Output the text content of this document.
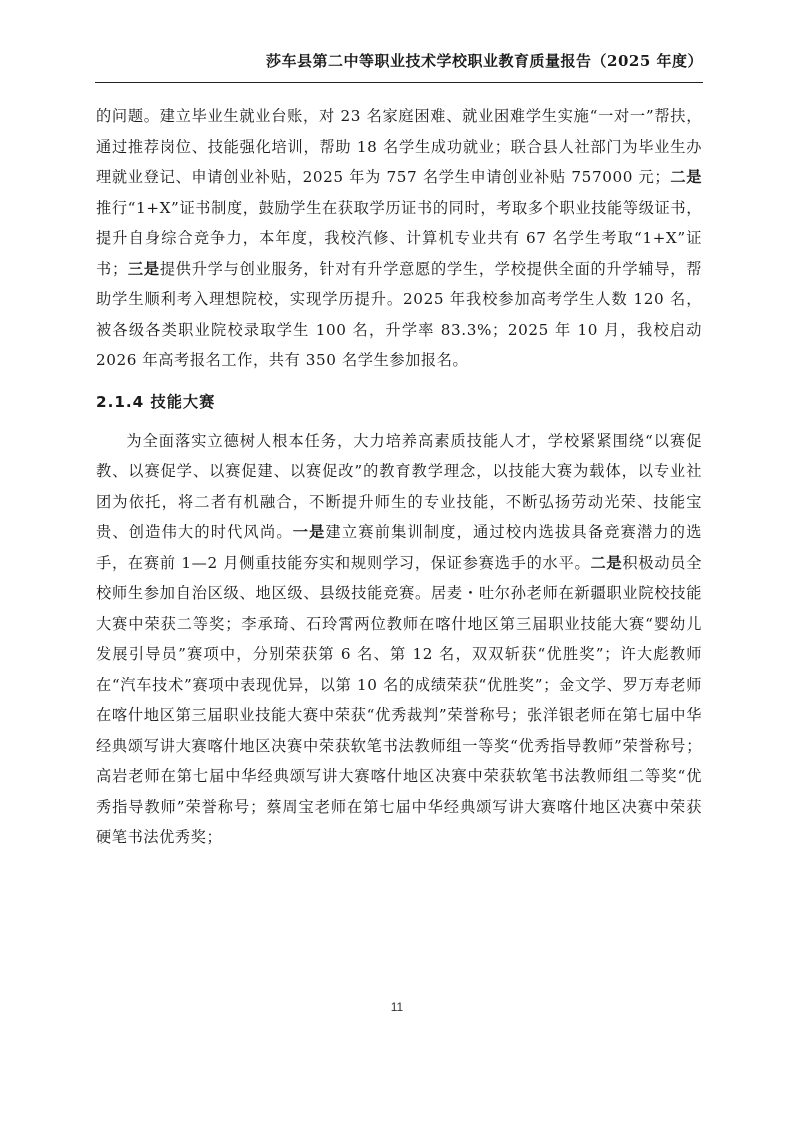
莎车县第二中等职业技术学校职业教育质量报告（2025 年度）

的问题。建立毕业生就业台账，对 23 名家庭困难、就业困难学生实施“一对一”帮扶，通过推荐岗位、技能强化培训，帮助 18 名学生成功就业；联合县人社部门为毕业生办理就业登记、申请创业补贴，2025 年为 757 名学生申请创业补贴 757000 元；二是推行“1+X”证书制度，鼓励学生在获取学历证书的同时，考取多个职业技能等级证书，提升自身综合竞争力，本年度，我校汽修、计算机专业共有 67 名学生考取“1+X”证书；三是提供升学与创业服务，针对有升学意愿的学生，学校提供全面的升学辅导，帮助学生顺利考入理想院校，实现学历提升。2025 年我校参加高考学生人数 120 名，被各级各类职业院校录取学生 100 名，升学率 83.3%；2025 年 10 月，我校启动 2026 年高考报名工作，共有 350 名学生参加报名。

2.1.4 技能大赛

为全面落实立德树人根本任务，大力培养高素质技能人才，学校紧紧围绕“以赛促教、以赛促学、以赛促建、以赛促改”的教育教学理念，以技能大赛为载体，以专业社团为依托，将二者有机融合，不断提升师生的专业技能，不断弘扬劳动光荣、技能宝贵、创造伟大的时代风尚。一是建立赛前集训制度，通过校内选拔具备竞赛潜力的选手，在赛前 1—2 月侧重技能夯实和规则学习，保证参赛选手的水平。二是积极动员全校师生参加自治区级、地区级、县级技能竞赛。居麦・吐尔孙老师在新疆职业院校技能大赛中荣获二等奖；李承琦、石玲霄两位教师在喀什地区第三届职业技能大赛“婴幼儿发展引导员”赛项中，分别荣获第 6 名、第 12 名，双双斩获“优胜奖”；许大彪教师在“汽车技术”赛项中表现优异，以第 10 名的成绩荣获“优胜奖”；金文学、罗万寿老师在喀什地区第三届职业技能大赛中荣获“优秀裁判”荣誉称号；张洋银老师在第七届中华经典颂写讲大赛喀什地区决赛中荣获软笔书法教师组一等奖“优秀指导教师”荣誉称号；高岩老师在第七届中华经典颂写讲大赛喀什地区决赛中荣获软笔书法教师组二等奖“优秀指导教师”荣誉称号；蔡周宝老师在第七届中华经典颂写讲大赛喀什地区决赛中荣获硬笔书法优秀奖；

11
